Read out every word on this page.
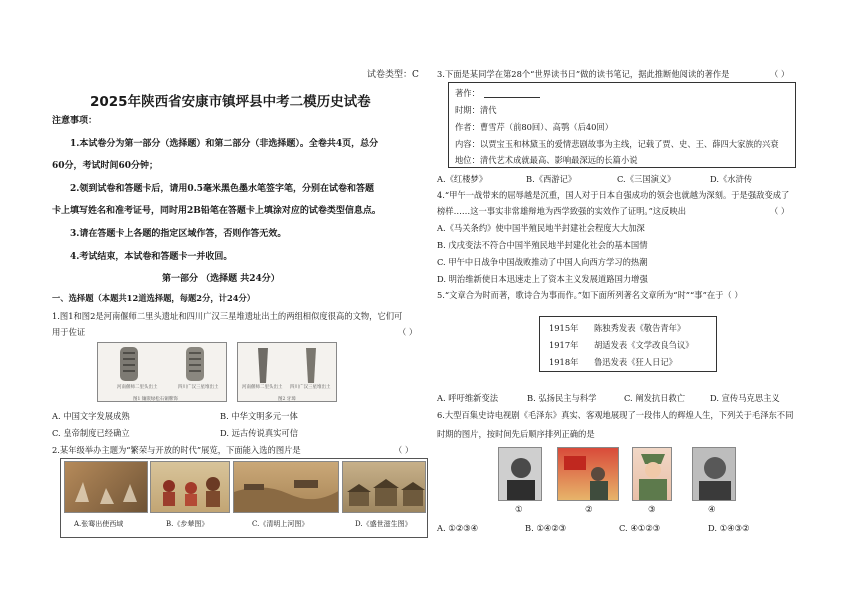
试卷类型：C
2025年陕西省安康市镇坪县中考二模历史试卷
注意事项：
1.本试卷分为第一部分（选择题）和第二部分（非选择题）。全卷共4页，总分
60分，考试时间60分钟；
2.领到试卷和答题卡后，请用0.5毫米黑色墨水笔签字笔，分别在试卷和答题
卡上填写姓名和准考证号，同时用2B铅笔在答题卡上填涂对应的试卷类型信息点。
3.请在答题卡上各题的指定区域作答，否则作答无效。
4.考试结束，本试卷和答题卡一并收回。
第一部分 （选择题 共24分）
一、选择题（本题共12道选择题，每题2分，计24分）
1.图1和图2是河南偃师二里头遗址和四川广汉三星堆遗址出土的两组相似度很高的文物，它们可
用于佐证	（ ）
河南偃师二里头出土	四川广汉三星堆出土
图1 镶嵌绿松石铜牌饰
河南偃师二里头出土 四川广汉三星堆出土
图2 牙璋
A. 中国文字发展成熟	B. 中华文明多元一体
C. 皇帝制度已经确立	D. 远古传说真实可信
2.某年级举办主题为“繁荣与开放的时代”展览，下面能入选的图片是	（ ）
A.张骞出使西域	B.《步辇图》	C.《清明上河图》	D.《盛世滋生图》
3.下面是某同学在第28个“世界读书日”做的读书笔记，据此推断他阅读的著作是	（ ）
著作：
时期：清代
作者：曹雪芹（前80回）、高鹗（后40回）
内容：以贾宝玉和林黛玉的爱情悲剧故事为主线，记载了贾、史、王、薛四大家族的兴衰
地位：清代艺术成就最高、影响最深远的长篇小说
A.《红楼梦》	B.《西游记》	C.《三国演义》	D.《水浒传
4.“甲午一战带来的屈辱越是沉重，国人对于日本自强成功的领会也就越为深刻。于是强敌变成了
榜样……这一事实非常雄辩地为西学致强的实效作了证明。”这反映出	（ ）
A.《马关条约》使中国半殖民地半封建社会程度大大加深
B. 戊戌变法不符合中国半殖民地半封建化社会的基本国情
C. 甲午中日战争中国战败推动了中国人向西方学习的热潮
D. 明治维新使日本迅速走上了资本主义发展道路国力增强
5.“文章合为时而著，歌诗合为事而作。”如下面所列著名文章所为“时”“事”在于（ ）
1915年 陈独秀发表《敬告青年》
1917年 胡适发表《文学改良刍议》
1918年 鲁迅发表《狂人日记》
A. 呼吁维新变法	B. 弘扬民主与科学	C. 阐发抗日救亡	D. 宣传马克思主义
6.大型百集史诗电视剧《毛泽东》真实、客观地展现了一段伟人的辉煌人生，下列关于毛泽东不同
时期的图片，按时间先后顺序排列正确的是
①	②	③	④
A. ①②③④	B. ①④②③	C. ④①②③	D. ①④③②
